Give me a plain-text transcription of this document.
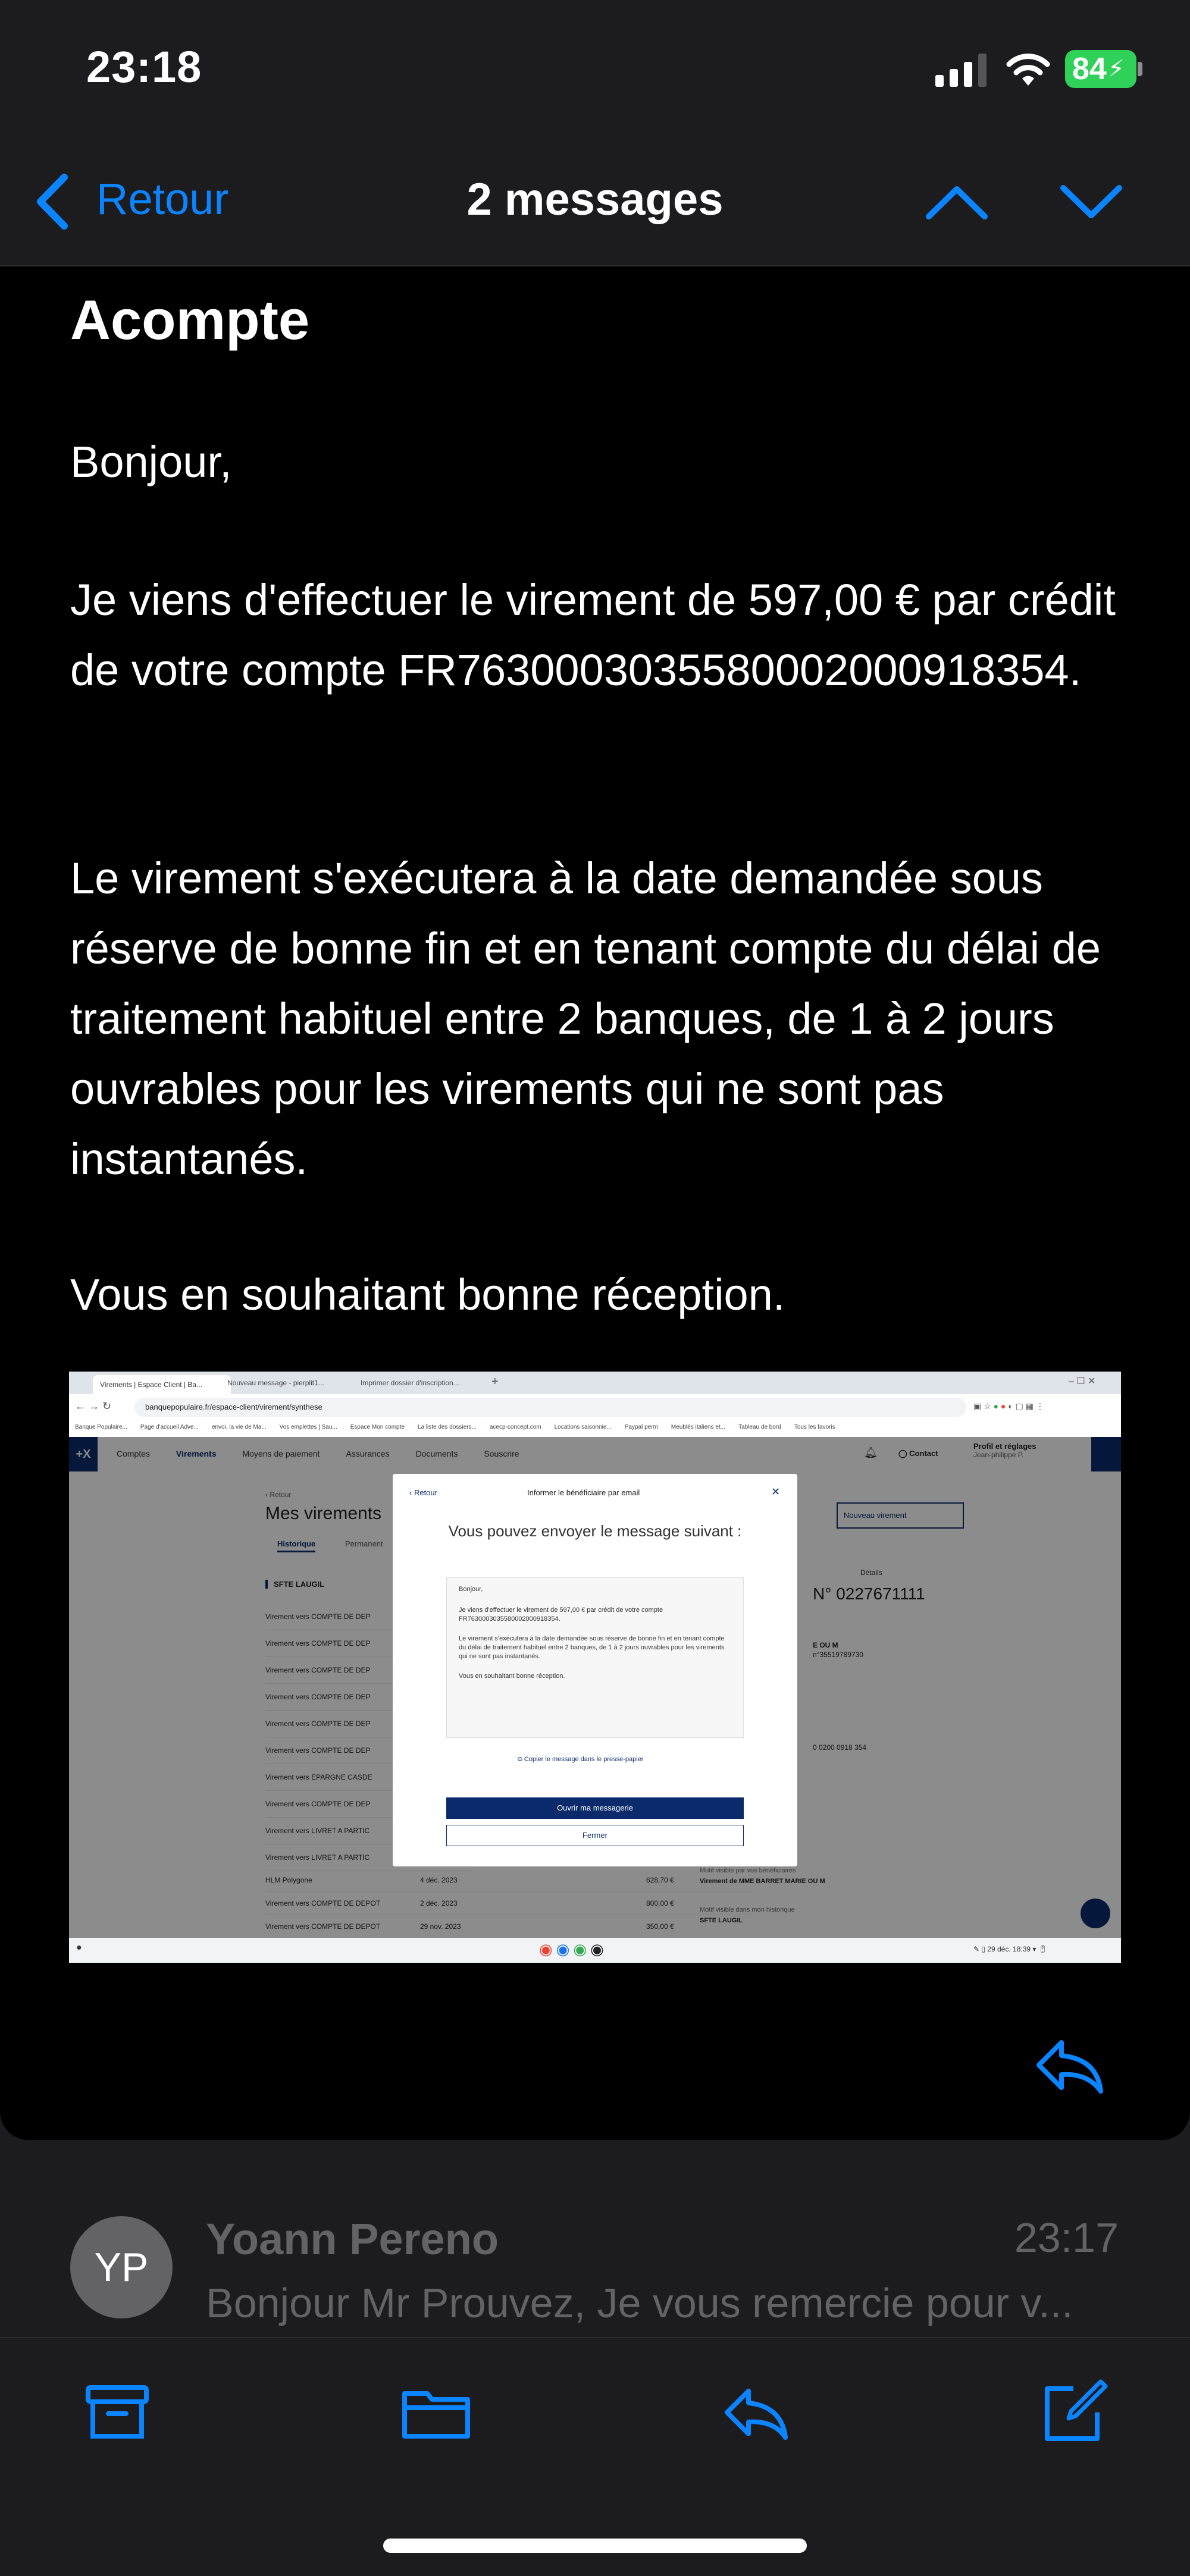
23:18	84 ⚡
Retour	2 messages
Acompte
Bonjour,
Je viens d'effectuer le virement de 597,00 € par crédit de votre compte FR7630003035580002000918354.
Le virement s'exécutera à la date demandée sous réserve de bonne fin et en tenant compte du délai de traitement habituel entre 2 banques, de 1 à 2 jours ouvrables pour les virements qui ne sont pas instantanés.
Vous en souhaitant bonne réception.
Virements | Espace Client | Ba...	Nouveau message - pierplit1...	Imprimer dossier d'inscription...	+	– ☐ ✕
← → ↻	banquepopulaire.fr/espace-client/virement/synthese	▣ ☆ ● ● ◐ ▢ ▦ ⋮
Banque Populaire... Page d'accueil Adve... envoi, la vie de Ma... Vos emplettes | Sau... Espace Mon compte La liste des dossiers... acecp-concept.com Locations saisonnie... Paypal perm Meublés italiens et... Tableau de bord Tous les favoris
+X	Comptes	Virements	Moyens de paiement	Assurances	Documents	Souscrire	🔔︎	◯ Contact
Profil et réglages
Jean-philippe P.
‹ Retour
Mes virements
Historique	Permanent
Nouveau virement
SFTE LAUGIL
Virement vers COMPTE DE DEP
Virement vers COMPTE DE DEP
Virement vers COMPTE DE DEP
Virement vers COMPTE DE DEP
Virement vers COMPTE DE DEP
Virement vers COMPTE DE DEP
Virement vers EPARGNE CASDE
Virement vers COMPTE DE DEP
Virement vers LIVRET A PARTIC
Virement vers LIVRET A PARTIC
HLM Polygone	4 déc. 2023	628,70 €
Virement vers COMPTE DE DEPOT	2 déc. 2023	800,00 €
Virement vers COMPTE DE DEPOT	29 nov. 2023	350,00 €
Détails
N° 0227671111
E OU M
n°35519789730
0 0200 0918 354
Motif visible par vos bénéficiaires
Virement de MME BARRET MARIE OU M
Motif visible dans mon historique
SFTE LAUGIL
‹ Retour	Informer le bénéficiaire par email	✕
Vous pouvez envoyer le message suivant :
Bonjour,
Je viens d'effectuer le virement de 597,00 € par crédit de votre compte FR7630003035580002000918354.
Le virement s'exécutera à la date demandée sous réserve de bonne fin et en tenant compte du délai de traitement habituel entre 2 banques, de 1 à 2 jours ouvrables pour les virements qui ne sont pas instantanés.
Vous en souhaitant bonne réception.
⧉ Copier le message dans le presse-papier
Ouvrir ma messagerie
Fermer
●	◉◉◉◉	✎ ▯ 29 déc. 18:39 ▾ 🔋︎
YP
Yoann Pereno	23:17
Bonjour Mr Prouvez, Je vous remercie pour v...
